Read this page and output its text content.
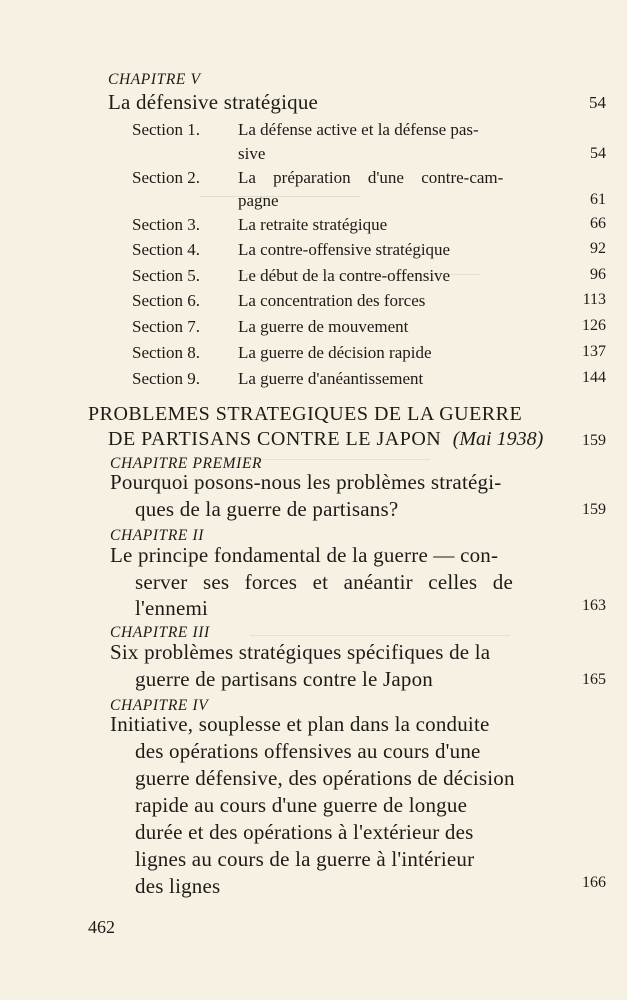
CHAPITRE V
La défensive stratégique	54
Section 1. La défense active et la défense pas-
sive	54
Section 2. La préparation d'une contre-cam-
pagne	61
Section 3. La retraite stratégique	66
Section 4. La contre-offensive stratégique	92
Section 5. Le début de la contre-offensive	96
Section 6. La concentration des forces	113
Section 7. La guerre de mouvement	126
Section 8. La guerre de décision rapide	137
Section 9. La guerre d'anéantissement	144
PROBLEMES STRATEGIQUES DE LA GUERRE
DE PARTISANS CONTRE LE JAPON (Mai 1938) 159
CHAPITRE PREMIER
Pourquoi posons-nous les problèmes stratégi-
ques de la guerre de partisans?	159
CHAPITRE II
Le principe fondamental de la guerre — con-
server ses forces et anéantir celles de
l'ennemi	163
CHAPITRE III
Six problèmes stratégiques spécifiques de la
guerre de partisans contre le Japon	165
CHAPITRE IV
Initiative, souplesse et plan dans la conduite
des opérations offensives au cours d'une
guerre défensive, des opérations de décision
rapide au cours d'une guerre de longue
durée et des opérations à l'extérieur des
lignes au cours de la guerre à l'intérieur
des lignes	166
462
